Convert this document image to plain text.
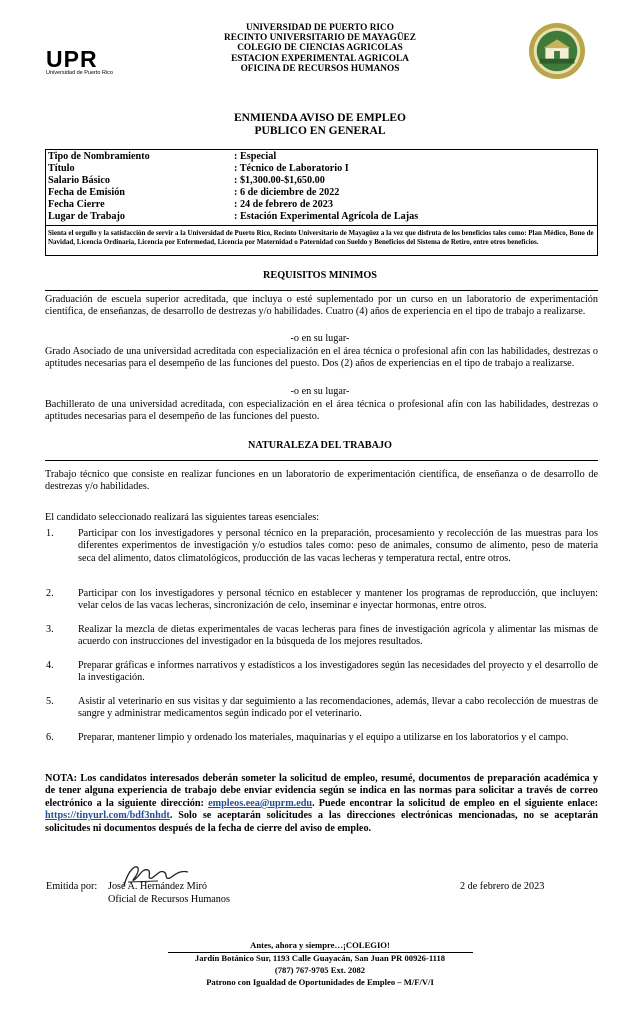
UPR
Universidad de Puerto Rico
UNIVERSIDAD DE PUERTO RICO
RECINTO UNIVERSITARIO DE MAYAGÜEZ
COLEGIO DE CIENCIAS AGRICOLAS
ESTACION EXPERIMENTAL AGRICOLA
OFICINA DE RECURSOS HUMANOS
ENMIENDA AVISO DE EMPLEO
PUBLICO EN GENERAL
Tipo de Nombramiento	: Especial
Título	: Técnico de Laboratorio I
Salario Básico	: $1,300.00-$1,650.00
Fecha de Emisión	: 6 de diciembre de 2022
Fecha Cierre	: 24 de febrero de 2023
Lugar de Trabajo	: Estación Experimental Agrícola de Lajas
Sienta el orgullo y la satisfacción de servir a la Universidad de Puerto Rico, Recinto Universitario de Mayagüez a la vez que disfruta de los beneficios tales como: Plan Médico, Bono de Navidad, Licencia Ordinaria, Licencia por Enfermedad, Licencia por Maternidad o Paternidad con Sueldo y Beneficios del Sistema de Retiro, entre otros beneficios.
REQUISITOS MINIMOS
Graduación de escuela superior acreditada, que incluya o esté suplementado por un curso en un laboratorio de experimentación científica, de enseñanzas, de desarrollo de destrezas y/o habilidades. Cuatro (4) años de experiencia en el tipo de trabajo a realizarse.
-o en su lugar-
Grado Asociado de una universidad acreditada con especialización en el área técnica o profesional afín con las habilidades, destrezas o aptitudes necesarias para el desempeño de las funciones del puesto. Dos (2) años de experiencias en el tipo de trabajo a realizarse.
-o en su lugar-
Bachillerato de una universidad acreditada, con especialización en el área técnica o profesional afín con las habilidades, destrezas o aptitudes necesarias para el desempeño de las funciones del puesto.
NATURALEZA DEL TRABAJO
Trabajo técnico que consiste en realizar funciones en un laboratorio de experimentación científica, de enseñanza o de desarrollo de destrezas y/o habilidades.
El candidato seleccionado realizará las siguientes tareas esenciales:
1. Participar con los investigadores y personal técnico en la preparación, procesamiento y recolección de las muestras para los diferentes experimentos de investigación y/o estudios tales como: peso de animales, consumo de alimento, peso de materia seca del alimento, datos climatológicos, producción de las vacas lecheras y temperatura rectal, entre otros.
2. Participar con los investigadores y personal técnico en establecer y mantener los programas de reproducción, que incluyen: velar celos de las vacas lecheras, sincronización de celo, inseminar e inyectar hormonas, entre otros.
3. Realizar la mezcla de dietas experimentales de vacas lecheras para fines de investigación agrícola y alimentar las mismas de acuerdo con instrucciones del investigador en la búsqueda de los mejores resultados.
4. Preparar gráficas e informes narrativos y estadísticos a los investigadores según las necesidades del proyecto y el desarrollo de la investigación.
5. Asistir al veterinario en sus visitas y dar seguimiento a las recomendaciones, además, llevar a cabo recolección de muestras de sangre y administrar medicamentos según indicado por el veterinario.
6. Preparar, mantener limpio y ordenado los materiales, maquinarias y el equipo a utilizarse en los laboratorios y el campo.
NOTA: Los candidatos interesados deberán someter la solicitud de empleo, resumé, documentos de preparación académica y de tener alguna experiencia de trabajo debe enviar evidencia según se indica en las normas para solicitar a través de correo electrónico a la siguiente dirección: empleos.eea@uprm.edu. Puede encontrar la solicitud de empleo en el siguiente enlace: https://tinyurl.com/bdf3nhdt. Solo se aceptarán solicitudes a las direcciones electrónicas mencionadas, no se aceptarán solicitudes ni documentos después de la fecha de cierre del aviso de empleo.
Emitida por: José A. Hernández Miró
Oficial de Recursos Humanos
2 de febrero de 2023
Antes, ahora y siempre…¡COLEGIO!
Jardín Botánico Sur, 1193 Calle Guayacán, San Juan PR 00926-1118
(787) 767-9705 Ext. 2082
Patrono con Igualdad de Oportunidades de Empleo – M/F/V/I
